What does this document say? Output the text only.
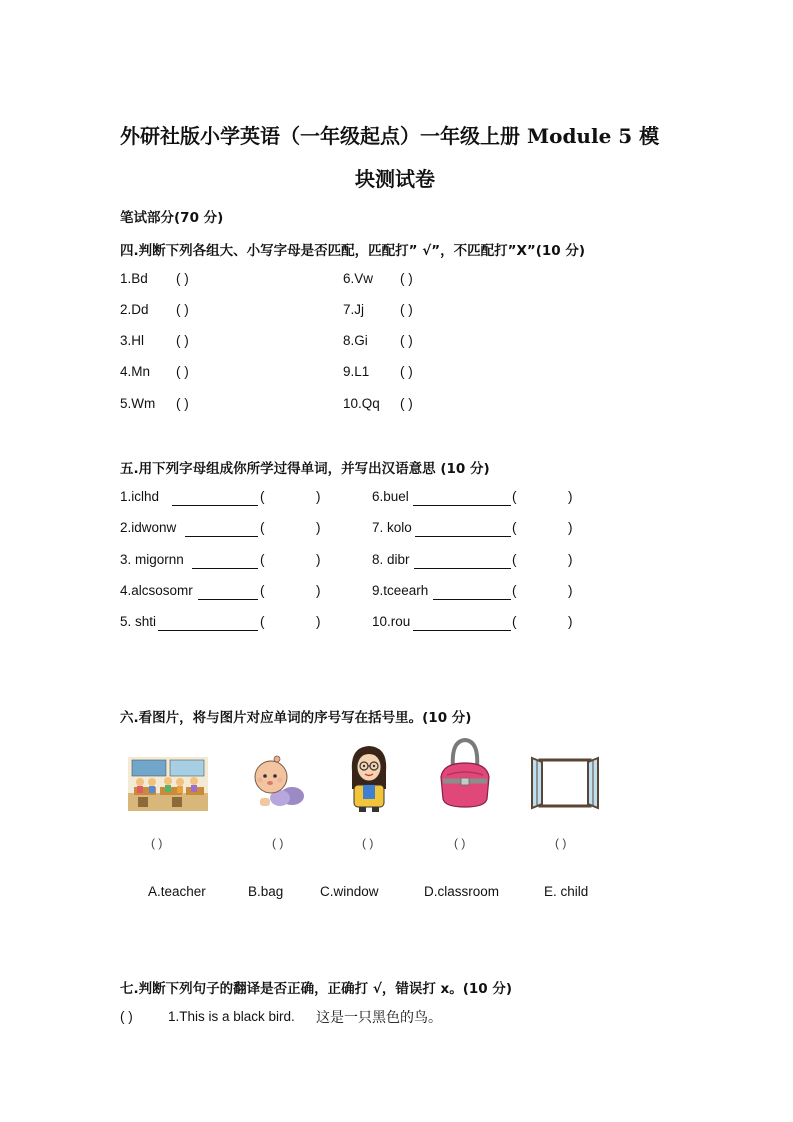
外研社版小学英语（一年级起点）一年级上册 Module 5 模
块测试卷
笔试部分(70 分)
四.判断下列各组大、小写字母是否匹配，匹配打” √”，不匹配打”X”(10 分)
1.Bd ( )
2.Dd ( )
3.Hl ( )
4.Mn ( )
5.Wm ( )
6.Vw ( )
7.Jj	( )
8.Gi ( )
9.L1 ( )
10.Qq ( )
五.用下列字母组成你所学过得单词，并写出汉语意思 (10 分)
1.iclhd	(	)
2.idwonw	(	)
3. migornn	(	)
4.alcsosomr	(	)
5. shti	(	)
6.buel	(	)
7. kolo	(	)
8. dibr	(	)
9.tceearh	(	)
10.rou	(	)
六.看图片，将与图片对应单词的序号写在括号里。(10 分)
( )	( )	( )	( )	( )
A.teacher	B.bag	C.window	D.classroom	E. child
七.判断下列句子的翻译是否正确，正确打 √，错误打 x。(10 分)
( )	1.This is a black bird. 这是一只黑色的鸟。
